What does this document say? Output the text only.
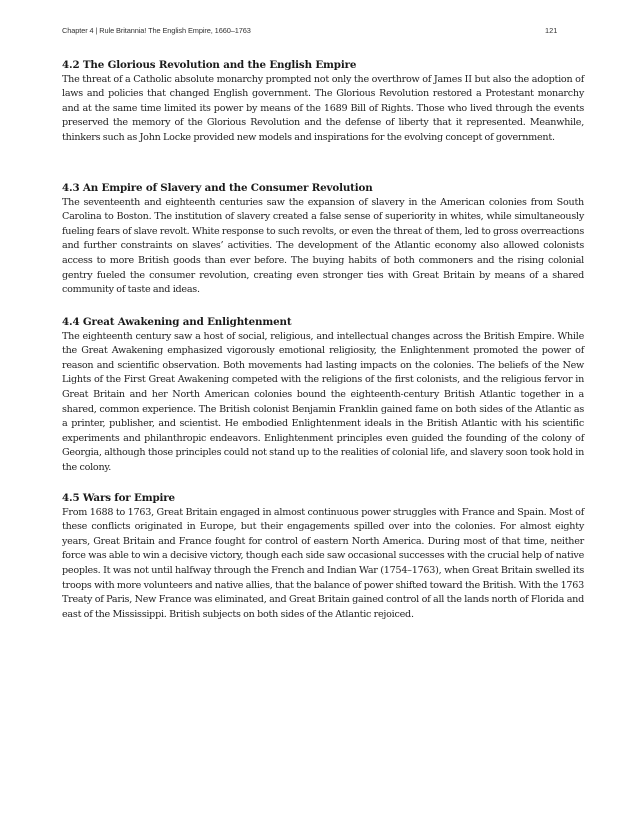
Chapter 4 | Rule Britannia! The English Empire, 1660–1763	121
4.2 The Glorious Revolution and the English Empire

The threat of a Catholic absolute monarchy prompted not only the overthrow of James II but also the adoption of laws and policies that changed English government. The Glorious Revolution restored a Protestant monarchy and at the same time limited its power by means of the 1689 Bill of Rights. Those who lived through the events preserved the memory of the Glorious Revolution and the defense of liberty that it represented. Meanwhile, thinkers such as John Locke provided new models and inspirations for the evolving concept of government.

4.3 An Empire of Slavery and the Consumer Revolution

The seventeenth and eighteenth centuries saw the expansion of slavery in the American colonies from South Carolina to Boston. The institution of slavery created a false sense of superiority in whites, while simultaneously fueling fears of slave revolt. White response to such revolts, or even the threat of them, led to gross overreactions and further constraints on slaves’ activities. The development of the Atlantic economy also allowed colonists access to more British goods than ever before. The buying habits of both commoners and the rising colonial gentry fueled the consumer revolution, creating even stronger ties with Great Britain by means of a shared community of taste and ideas.

4.4 Great Awakening and Enlightenment

The eighteenth century saw a host of social, religious, and intellectual changes across the British Empire. While the Great Awakening emphasized vigorously emotional religiosity, the Enlightenment promoted the power of reason and scientific observation. Both movements had lasting impacts on the colonies. The beliefs of the New Lights of the First Great Awakening competed with the religions of the first colonists, and the religious fervor in Great Britain and her North American colonies bound the eighteenth-century British Atlantic together in a shared, common experience. The British colonist Benjamin Franklin gained fame on both sides of the Atlantic as a printer, publisher, and scientist. He embodied Enlightenment ideals in the British Atlantic with his scientific experiments and philanthropic endeavors. Enlightenment principles even guided the founding of the colony of Georgia, although those principles could not stand up to the realities of colonial life, and slavery soon took hold in the colony.

4.5 Wars for Empire

From 1688 to 1763, Great Britain engaged in almost continuous power struggles with France and Spain. Most of these conflicts originated in Europe, but their engagements spilled over into the colonies. For almost eighty years, Great Britain and France fought for control of eastern North America. During most of that time, neither force was able to win a decisive victory, though each side saw occasional successes with the crucial help of native peoples. It was not until halfway through the French and Indian War (1754–1763), when Great Britain swelled its troops with more volunteers and native allies, that the balance of power shifted toward the British. With the 1763 Treaty of Paris, New France was eliminated, and Great Britain gained control of all the lands north of Florida and east of the Mississippi. British subjects on both sides of the Atlantic rejoiced.
